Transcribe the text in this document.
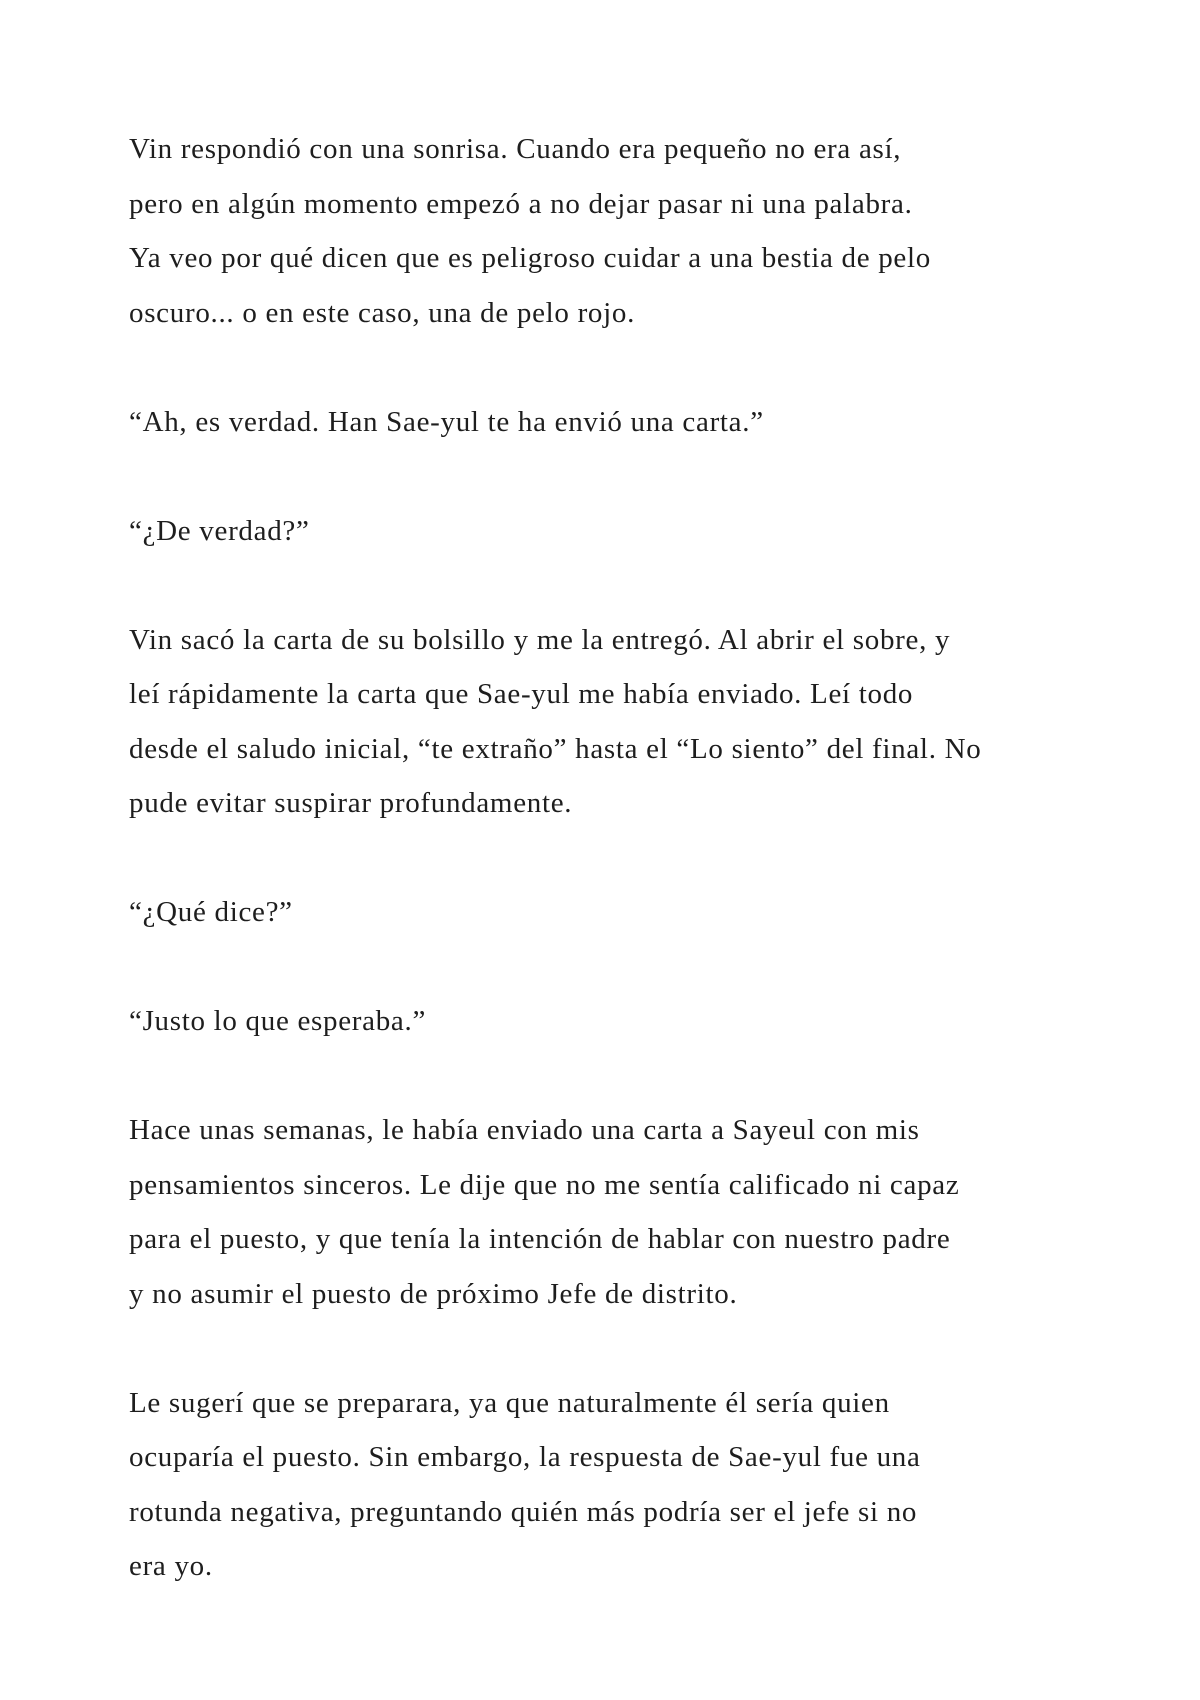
Vin respondió con una sonrisa. Cuando era pequeño no era así,
pero en algún momento empezó a no dejar pasar ni una palabra.
Ya veo por qué dicen que es peligroso cuidar a una bestia de pelo
oscuro... o en este caso, una de pelo rojo.

“Ah, es verdad. Han Sae-yul te ha envió una carta.”

“¿De verdad?”

Vin sacó la carta de su bolsillo y me la entregó. Al abrir el sobre, y
leí rápidamente la carta que Sae-yul me había enviado. Leí todo
desde el saludo inicial, “te extraño” hasta el “Lo siento” del final. No
pude evitar suspirar profundamente.

“¿Qué dice?”

“Justo lo que esperaba.”

Hace unas semanas, le había enviado una carta a Sayeul con mis
pensamientos sinceros. Le dije que no me sentía calificado ni capaz
para el puesto, y que tenía la intención de hablar con nuestro padre
y no asumir el puesto de próximo Jefe de distrito.

Le sugerí que se preparara, ya que naturalmente él sería quien
ocuparía el puesto. Sin embargo, la respuesta de Sae-yul fue una
rotunda negativa, preguntando quién más podría ser el jefe si no
era yo.
